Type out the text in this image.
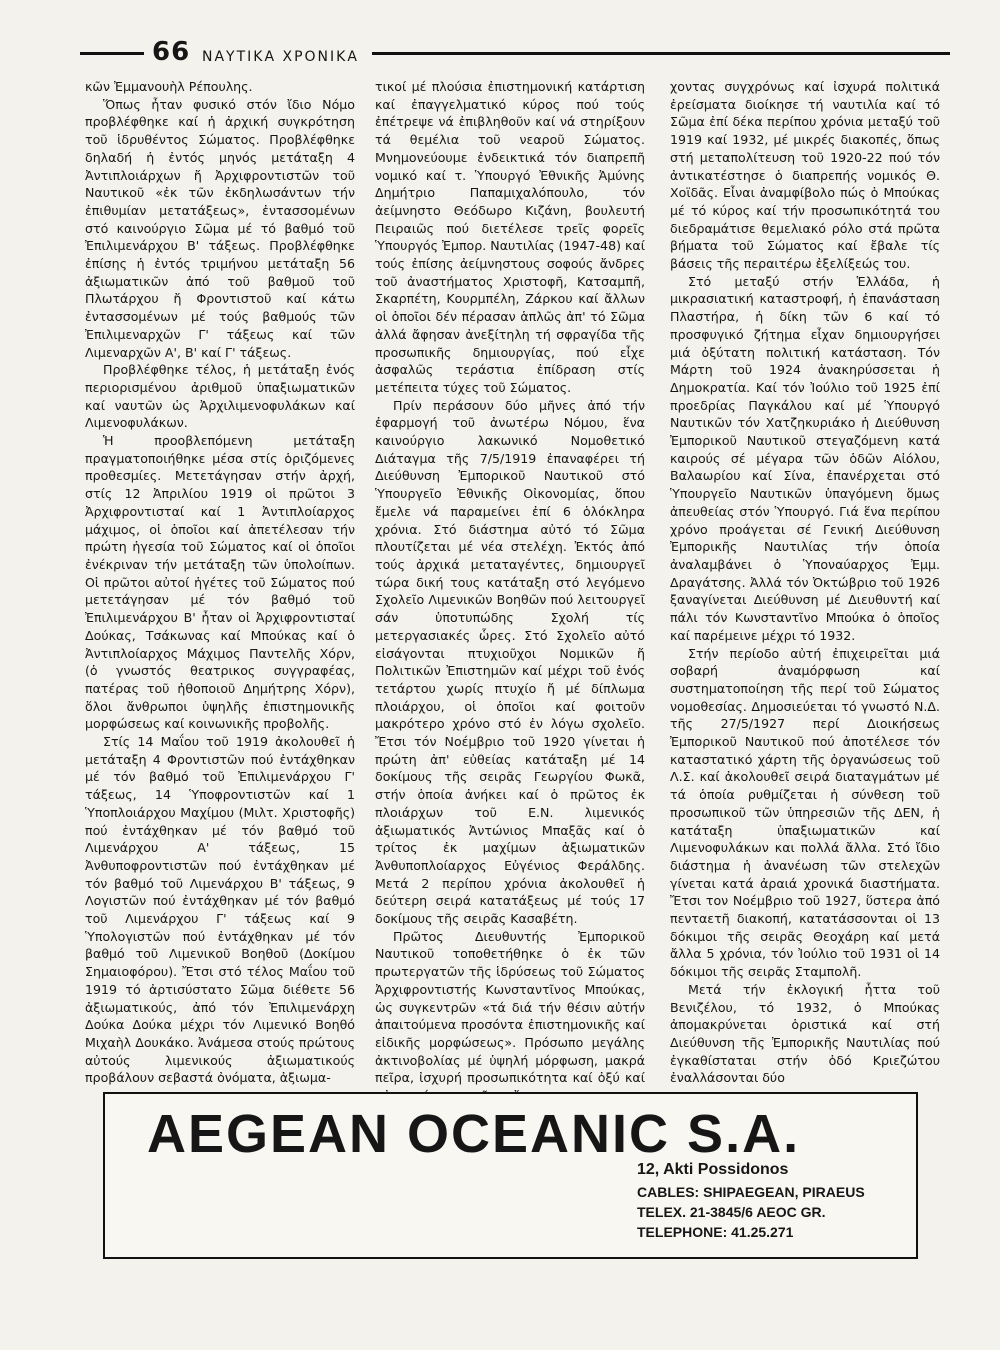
66 ΝΑΥΤΙΚΑ ΧΡΟΝΙΚΑ

κῶν Ἐμμανουὴλ Ρέπουλης.

Ὅπως ἦταν φυσικό στόν ἴδιο Νόμο προβλέφθηκε καί ἡ ἀρχική συγκρότηση τοῦ ἱδρυθέντος Σώματος. Προβλέφθηκε δηλαδή ἡ ἐντός μηνός μετάταξη 4 Ἀντιπλοιάρχων ἤ Ἀρχιφροντιστῶν τοῦ Ναυτικοῦ «ἐκ τῶν ἐκδηλωσάντων τήν ἐπιθυμίαν μετατάξεως», ἐντασσομένων στό καινούργιο Σῶμα μέ τό βαθμό τοῦ Ἐπιλιμενάρχου Β' τάξεως. Προβλέφθηκε ἐπίσης ἡ ἐντός τριμήνου μετάταξη 56 ἀξιωματικῶν ἀπό τοῦ βαθμοῦ τοῦ Πλωτάρχου ἤ Φροντιστοῦ καί κάτω ἐντασσομένων μέ τούς βαθμούς τῶν Ἐπιλιμεναρχῶν Γ' τάξεως καί τῶν Λιμεναρχῶν Α', Β' καί Γ' τάξεως.

Προβλέφθηκε τέλος, ἡ μετάταξη ἑνός περιορισμένου ἀριθμοῦ ὑπαξιωματικῶν καί ναυτῶν ὡς Ἀρχιλιμενοφυλάκων καί Λιμενοφυλάκων.

Ἡ προοβλεπόμενη μετάταξη πραγματοποιήθηκε μέσα στίς ὁριζόμενες προθεσμίες. Μετετάγησαν στήν ἀρχή, στίς 12 Ἀπριλίου 1919 οἱ πρῶτοι 3 Ἀρχιφροντισταί καί 1 Ἀντιπλοίαρχος μάχιμος, οἱ ὁποῖοι καί ἀπετέλεσαν τήν πρώτη ἡγεσία τοῦ Σώματος καί οἱ ὁποῖοι ἐνέκριναν τήν μετάταξη τῶν ὑπολοίπων. Οἱ πρῶτοι αὐτοί ἡγέτες τοῦ Σώματος πού μετετάγησαν μέ τόν βαθμό τοῦ Ἐπιλιμενάρχου Β' ἦταν οἱ Ἀρχιφροντισταί Δούκας, Τσάκωνας καί Μπούκας καί ὁ Ἀντιπλοίαρχος Μάχιμος Παντελῆς Χόρν, (ὁ γνωστός θεατρικος συγγραφέας, πατέρας τοῦ ἠθοποιοῦ Δημήτρης Χόρν), ὅλοι ἄνθρωποι ὑψηλῆς ἐπιστημονικῆς μορφώσεως καί κοινωνικῆς προβολῆς.

Στίς 14 Μαΐου τοῦ 1919 ἀκολουθεῖ ἡ μετάταξη 4 Φροντιστῶν πού ἐντάχθηκαν μέ τόν βαθμό τοῦ Ἐπιλιμενάρχου Γ' τάξεως, 14 Ὑποφροντιστῶν καί 1 Ὑποπλοιάρχου Μαχίμου (Μιλτ. Χριστοφῆς) πού ἐντάχθηκαν μέ τόν βαθμό τοῦ Λιμενάρχου Α' τάξεως, 15 Ἀνθυποφροντιστῶν πού ἐντάχθηκαν μέ τόν βαθμό τοῦ Λιμενάρχου Β' τάξεως, 9 Λογιστῶν πού ἐντάχθηκαν μέ τόν βαθμό τοῦ Λιμενάρχου Γ' τάξεως καί 9 Ὑπολογιστῶν πού ἐντάχθηκαν μέ τόν βαθμό τοῦ Λιμενικοῦ Βοηθοῦ (Δοκίμου Σημαιοφόρου). Ἔτσι στό τέλος Μαΐου τοῦ 1919 τό ἀρτισύστατο Σῶμα διέθετε 56 ἀξιωματικούς, ἀπό τόν Ἐπιλιμενάρχη Δούκα Δούκα μέχρι τόν Λιμενικό Βοηθό Μιχαὴλ Δουκάκο. Ἀνάμεσα στούς πρώτους αὐτούς λιμενικούς ἀξιωματικούς προβάλουν σεβαστά ὀνόματα, ἀξιωμα-

τικοί μέ πλούσια ἐπιστημονική κατάρτιση καί ἐπαγγελματικό κύρος πού τούς ἐπέτρεψε νά ἐπιβληθοῦν καί νά στηρίξουν τά θεμέλια τοῦ νεαροῦ Σώματος. Μνημονεύουμε ἐνδεικτικά τόν διαπρεπῆ νομικό καί τ. Ὑπουργό Ἐθνικῆς Ἀμύνης Δημήτριο Παπαμιχαλόπουλο, τόν ἀείμνηστο Θεόδωρο Κιζάνη, βουλευτή Πειραιῶς πού διετέλεσε τρεῖς φορεῖς Ὑπουργός Ἐμπορ. Ναυτιλίας (1947-48) καί τούς ἐπίσης ἀείμνηστους σοφούς ἄνδρες τοῦ ἀναστήματος Χριστοφῆ, Κατσαμπῆ, Σκαρπέτη, Κουρμπέλη, Ζάρκου καί ἄλλων οἱ ὁποῖοι δέν πέρασαν ἁπλῶς ἀπ' τό Σῶμα ἀλλά ἄφησαν ἀνεξίτηλη τή σφραγίδα τῆς προσωπικῆς δημιουργίας, πού εἶχε ἀσφαλῶς τεράστια ἐπίδραση στίς μετέπειτα τύχες τοῦ Σώματος.

Πρίν περάσουν δύο μῆνες ἀπό τήν ἐφαρμογή τοῦ ἀνωτέρω Νόμου, ἕνα καινούργιο λακωνικό Νομοθετικό Διάταγμα τῆς 7/5/1919 ἐπαναφέρει τή Διεύθυνση Ἐμπορικοῦ Ναυτικοῦ στό Ὑπουργεῖο Ἐθνικῆς Οἰκονομίας, ὅπου ἔμελε νά παραμείνει ἐπί 6 ὁλόκληρα χρόνια. Στό διάστημα αὐτό τό Σῶμα πλουτίζεται μέ νέα στελέχη. Ἐκτός ἀπό τούς ἀρχικά μεταταγέντες, δημιουργεῖ τώρα δική τους κατάταξη στό λεγόμενο Σχολεῖο Λιμενικῶν Βοηθῶν πού λειτουργεῖ σάν ὑποτυπώδης Σχολή τίς μετεργασιακές ὧρες. Στό Σχολεῖο αὐτό εἰσάγονται πτυχιοῦχοι Νομικῶν ἤ Πολιτικῶν Ἐπιστημῶν καί μέχρι τοῦ ἑνός τετάρτου χωρίς πτυχίο ἤ μέ δίπλωμα πλοιάρχου, οἱ ὁποῖοι καί φοιτοῦν μακρότερο χρόνο στό ἐν λόγω σχολεῖο. Ἔτσι τόν Νοέμβριο τοῦ 1920 γίνεται ἡ πρώτη ἀπ' εὐθείας κατάταξη μέ 14 δοκίμους τῆς σειρᾶς Γεωργίου Φωκᾶ, στήν ὁποία ἀνήκει καί ὁ πρῶτος ἐκ πλοιάρχων τοῦ Ε.Ν. λιμενικός ἀξιωματικός Ἀντώνιος Μπαξᾶς καί ὁ τρίτος ἐκ μαχίμων ἀξιωματικῶν Ἀνθυποπλοίαρχος Εὐγένιος Φεράλδης. Μετά 2 περίπου χρόνια ἀκολουθεῖ ἡ δεύτερη σειρά κατατάξεως μέ τούς 17 δοκίμους τῆς σειρᾶς Κασαβέτη.

Πρῶτος Διευθυντής Ἐμπορικοῦ Ναυτικοῦ τοποθετήθηκε ὁ ἐκ τῶν πρωτεργατῶν τῆς ἱδρύσεως τοῦ Σώματος Ἀρχιφροντιστής Κωνσταντῖνος Μπούκας, ὡς συγκεντρῶν «τά διά τήν θέσιν αὐτήν ἀπαιτούμενα προσόντα ἐπιστημονικῆς καί εἰδικῆς μορφώσεως». Πρόσωπο μεγάλης ἀκτινοβολίας μέ ὑψηλή μόρφωση, μακρά πεῖρα, ἰσχυρή προσωπικότητα καί ὀξύ καί

χοντας συγχρόνως καί ἰσχυρά πολιτικά ἐρείσματα διοίκησε τή ναυτιλία καί τό Σῶμα ἐπί δέκα περίπου χρόνια μεταξύ τοῦ 1919 καί 1932, μέ μικρές διακοπές, ὅπως στή μεταπολίτευση τοῦ 1920-22 πού τόν ἀντικατέστησε ὁ διαπρεπής νομικός Θ. Χοϊδᾶς. Εἶναι ἀναμφίβολο πώς ὁ Μπούκας μέ τό κύρος καί τήν προσωπικότητά του διεδραμάτισε θεμελιακό ρόλο στά πρῶτα βήματα τοῦ Σώματος καί ἔβαλε τίς βάσεις τῆς περαιτέρω ἐξελίξεώς του.

Στό μεταξύ στήν Ἑλλάδα, ἡ μικρασιατική καταστροφή, ἡ ἐπανάσταση Πλαστήρα, ἡ δίκη τῶν 6 καί τό προσφυγικό ζήτημα εἶχαν δημιουργήσει μιά ὀξύτατη πολιτική κατάσταση. Τόν Μάρτη τοῦ 1924 ἀνακηρύσσεται ἡ Δημοκρατία. Καί τόν Ἰούλιο τοῦ 1925 ἐπί προεδρίας Παγκάλου καί μέ Ὑπουργό Ναυτικῶν τόν Χατζηκυριάκο ἡ Διεύθυνση Ἐμπορικοῦ Ναυτικοῦ στεγαζόμενη κατά καιρούς σέ μέγαρα τῶν ὁδῶν Αἰόλου, Βαλαωρίου καί Σίνα, ἐπανέρχεται στό Ὑπουργεῖο Ναυτικῶν ὑπαγόμενη ὅμως ἀπευθείας στόν Ὑπουργό. Γιά ἕνα περίπου χρόνο προάγεται σέ Γενική Διεύθυνση Ἐμπορικῆς Ναυτιλίας τήν ὁποία ἀναλαμβάνει ὁ Ὑποναύαρχος Ἐμμ. Δραγάτσης. Ἀλλά τόν Ὀκτώβριο τοῦ 1926 ξαναγίνεται Διεύθυνση μέ Διευθυντή καί πάλι τόν Κωνσταντῖνο Μπούκα ὁ ὁποῖος καί παρέμεινε μέχρι τό 1932.

Στήν περίοδο αὐτή ἐπιχειρεῖται μιά σοβαρή ἀναμόρφωση καί συστηματοποίηση τῆς περί τοῦ Σώματος νομοθεσίας. Δημοσιεύεται τό γνωστό Ν.Δ. τῆς 27/5/1927 περί Διοικήσεως Ἐμπορικοῦ Ναυτικοῦ πού ἀποτέλεσε τόν καταστατικό χάρτη τῆς ὀργανώσεως τοῦ Λ.Σ. καί ἀκολουθεῖ σειρά διαταγμάτων μέ τά ὁποία ρυθμίζεται ἡ σύνθεση τοῦ προσωπικοῦ τῶν ὑπηρεσιῶν τῆς ΔΕΝ, ἡ κατάταξη ὑπαξιωματικῶν καί Λιμενοφυλάκων και πολλά ἄλλα. Στό ἴδιο διάστημα ἡ ἀνανέωση τῶν στελεχῶν γίνεται κατά ἀραιά χρονικά διαστήματα. Ἔτσι τον Νοέμβριο τοῦ 1927, ὕστερα ἀπό πενταετῆ διακοπή, κατατάσσονται οἱ 13 δόκιμοι τῆς σειρᾶς Θεοχάρη καί μετά ἄλλα 5 χρόνια, τόν Ἰούλιο τοῦ 1931 οἱ 14 δόκιμοι τῆς σειρᾶς Σταμπολῆ.

Μετά τήν ἐκλογική ἧττα τοῦ Βενιζέλου, τό 1932, ὁ Μπούκας ἀπομακρύνεται ὁριστικά καί στή Διεύθυνση τῆς Ἐμπορικῆς Ναυτιλίας πού ἐγκαθίσταται στήν ὁδό Κριεζώτου ἐναλλάσονται δύο

AEGEAN OCEANIC S.A.
12, Akti Possidonos
CABLES: SHIPAEGEAN, PIRAEUS
TELEX. 21-3845/6 AEOC GR.
TELEPHONE: 41.25.271
